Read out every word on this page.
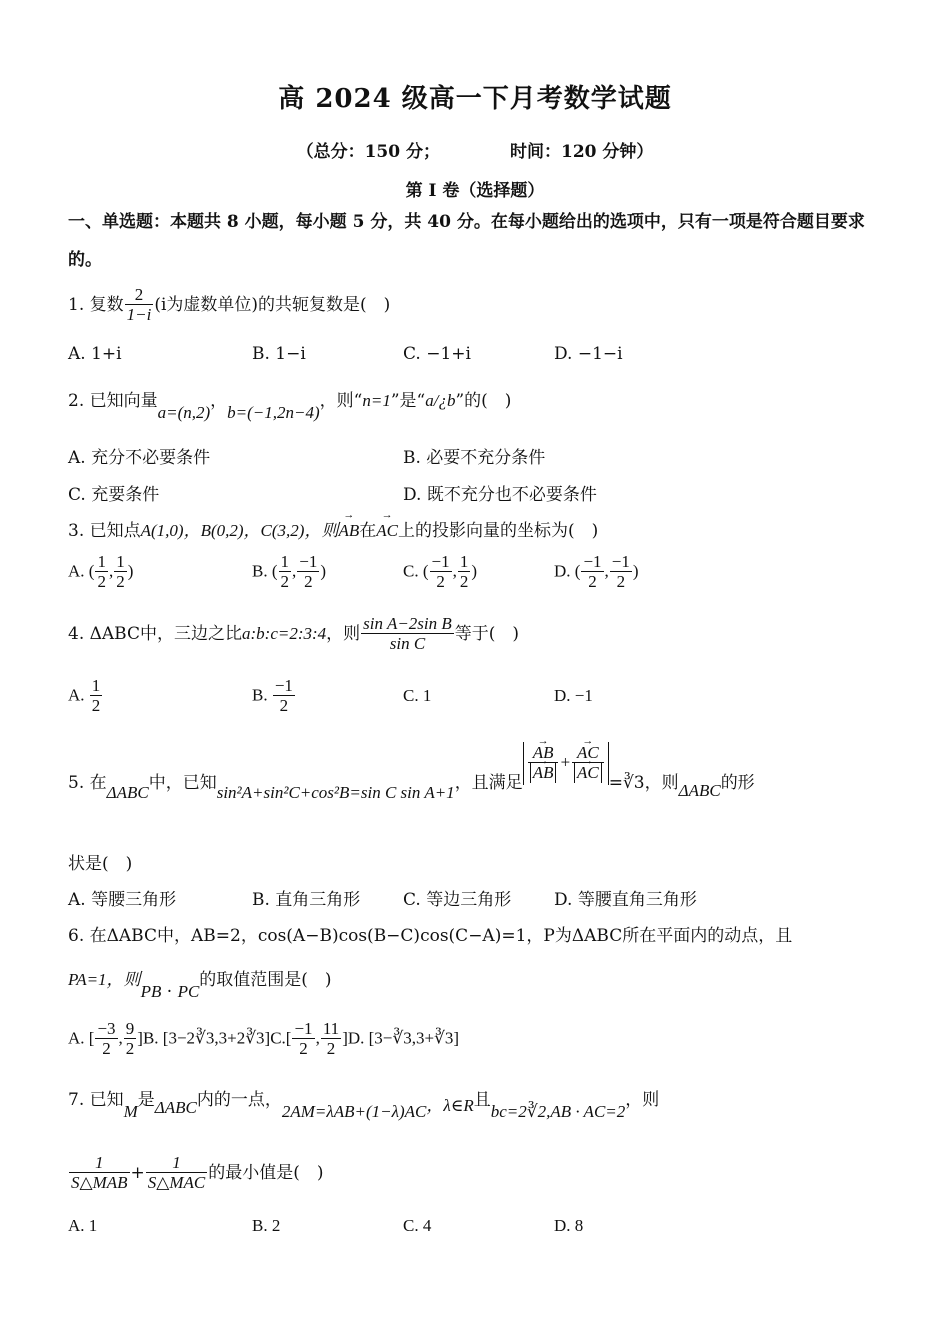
高 2024 级高一下月考数学试题
（总分：150 分；	时间：120 分钟）
第 I 卷（选择题）
一、单选题：本题共 8 小题，每小题 5 分，共 40 分。在每小题给出的选项中，只有一项是符合题目要求的。
1. 复数 $\frac{2}{1-i} (i$为虚数单位)的共轭复数是(　)
A. 1+i	B. 1−i	C. −1+i	D. −1−i
2. 已知向量a=(n,2)，b=(−1,2n−4)，则“n=1”是“a/¿b”的(　)
A. 充分不必要条件	B. 必要不充分条件
C. 充要条件	D. 既不充分也不必要条件
3. 已知点A(1,0)，B(0,2)，C(3,2)，则→ AB在→ AC上的投影向量的坐标为(　)
A. ( $\frac{1}{2}$ , $\frac{1}{2}$ )	B. ( $\frac{1}{2}$ , $\frac{-1}{2}$ )	C. ( $\frac{-1}{2}$ , $\frac{1}{2}$ )	D. ( $\frac{-1}{2}$ , $\frac{-1}{2}$ )
4. ΔABC中，三边之比a:b:c=2:3:4，则 $\frac{\text{sin A−2sin B}}{\text{sin C}}$ 等于(　)
A. $\frac{1}{2}$	B. $\frac{-1}{2}$	C. 1	D. −1
5. 在ΔABC中，已知sin²A+sin²C+cos²B=sin C sin A+1，且满足 → AB
→ AB + → AC
→ AC =∛3，则ΔABC的形
状是(　)
A. 等腰三角形	B. 直角三角形	C. 等边三角形	D. 等腰直角三角形
6. 在ΔABC中，AB=2，cos(A−B)cos(B−C)cos(C−A)=1，P为ΔABC所在平面内的动点，且
PA=1，则PB · PC的取值范围是(　)
A. [ $\frac{-3}{2}$ , $\frac{9}{2} ]B$. [3−2∛3,3+2∛3]C.[ $\frac{-1}{2}$ , $\frac{11}{2} ]D$. [3−∛3,3+∛3]
7. 已知M是ΔABC内的一点，2AM=λAB+(1−λ)AC，λ∈R且bc=2∛2,AB · AC=2，则
$\frac{1}{\text{S△MAB}} + \frac{1}{\text{S△MAC}}$ 的最小值是(　)
A. 1	B. 2	C. 4	D. 8
